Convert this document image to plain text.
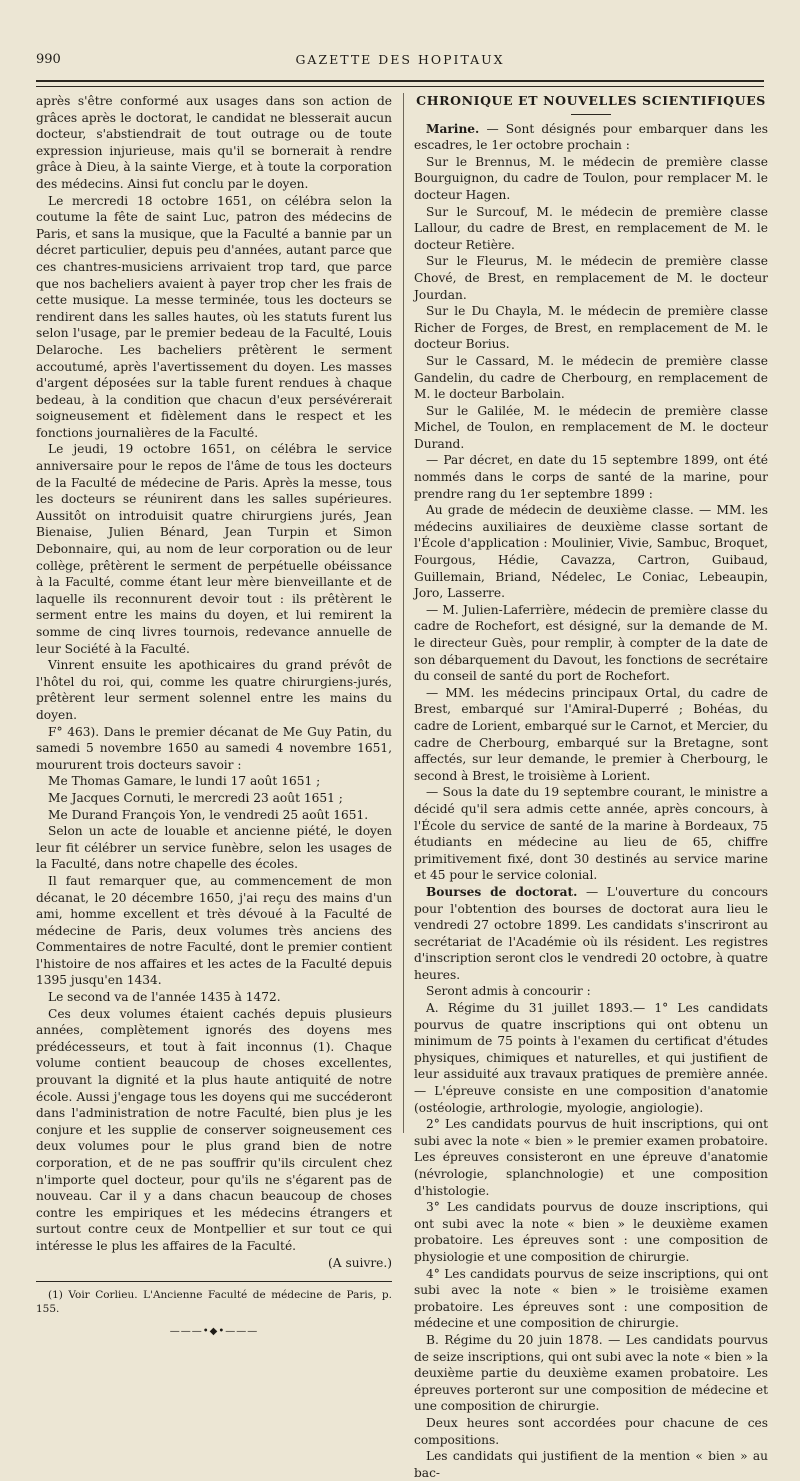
990	GAZETTE DES HOPITAUX

après s'être conformé aux usages dans son action de grâces après le doctorat, le candidat ne blesserait aucun docteur, s'abstiendrait de tout outrage ou de toute expression injurieuse, mais qu'il se bornerait à rendre grâce à Dieu, à la sainte Vierge, et à toute la corporation des médecins. Ainsi fut conclu par le doyen.

Le mercredi 18 octobre 1651, on célébra selon la coutume la fête de saint Luc, patron des médecins de Paris, et sans la musique, que la Faculté a bannie par un décret particulier, depuis peu d'années, autant parce que ces chantres-musiciens arrivaient trop tard, que parce que nos bacheliers avaient à payer trop cher les frais de cette musique. La messe terminée, tous les docteurs se rendirent dans les salles hautes, où les statuts furent lus selon l'usage, par le premier bedeau de la Faculté, Louis Delaroche. Les bacheliers prêtèrent le serment accoutumé, après l'avertissement du doyen. Les masses d'argent déposées sur la table furent rendues à chaque bedeau, à la condition que chacun d'eux persévérerait soigneusement et fidèlement dans le respect et les fonctions journalières de la Faculté.

Le jeudi, 19 octobre 1651, on célébra le service anniversaire pour le repos de l'âme de tous les docteurs de la Faculté de médecine de Paris. Après la messe, tous les docteurs se réunirent dans les salles supérieures. Aussitôt on introduisit quatre chirurgiens jurés, Jean Bienaise, Julien Bénard, Jean Turpin et Simon Debonnaire, qui, au nom de leur corporation ou de leur collège, prêtèrent le serment de perpétuelle obéissance à la Faculté, comme étant leur mère bienveillante et de laquelle ils reconnurent devoir tout : ils prêtèrent le serment entre les mains du doyen, et lui remirent la somme de cinq livres tournois, redevance annuelle de leur Société à la Faculté.

Vinrent ensuite les apothicaires du grand prévôt de l'hôtel du roi, qui, comme les quatre chirurgiens-jurés, prêtèrent leur serment solennel entre les mains du doyen.

F° 463). Dans le premier décanat de Me Guy Patin, du samedi 5 novembre 1650 au samedi 4 novembre 1651, moururent trois docteurs savoir :

Me Thomas Gamare, le lundi 17 août 1651 ;

Me Jacques Cornuti, le mercredi 23 août 1651 ;

Me Durand François Yon, le vendredi 25 août 1651.

Selon un acte de louable et ancienne piété, le doyen leur fit célébrer un service funèbre, selon les usages de la Faculté, dans notre chapelle des écoles.

Il faut remarquer que, au commencement de mon décanat, le 20 décembre 1650, j'ai reçu des mains d'un ami, homme excellent et très dévoué à la Faculté de médecine de Paris, deux volumes très anciens des Commentaires de notre Faculté, dont le premier contient l'histoire de nos affaires et les actes de la Faculté depuis 1395 jusqu'en 1434.

Le second va de l'année 1435 à 1472.

Ces deux volumes étaient cachés depuis plusieurs années, complètement ignorés des doyens mes prédécesseurs, et tout à fait inconnus (1). Chaque volume contient beaucoup de choses excellentes, prouvant la dignité et la plus haute antiquité de notre école. Aussi j'engage tous les doyens qui me succéderont dans l'administration de notre Faculté, bien plus je les conjure et les supplie de conserver soigneusement ces deux volumes pour le plus grand bien de notre corporation, et de ne pas souffrir qu'ils circulent chez n'importe quel docteur, pour qu'ils ne s'égarent pas de nouveau. Car il y a dans chacun beaucoup de choses contre les empiriques et les médecins étrangers et surtout contre ceux de Montpellier et sur tout ce qui intéresse le plus les affaires de la Faculté.

(A suivre.)

(1) Voir Corlieu. L'Ancienne Faculté de médecine de Paris, p. 155.

———•◆•———
CHRONIQUE ET NOUVELLES SCIENTIFIQUES

Marine. — Sont désignés pour embarquer dans les escadres, le 1er octobre prochain :

Sur le Brennus, M. le médecin de première classe Bourguignon, du cadre de Toulon, pour remplacer M. le docteur Hagen.

Sur le Surcouf, M. le médecin de première classe Lallour, du cadre de Brest, en remplacement de M. le docteur Retière.

Sur le Fleurus, M. le médecin de première classe Chové, de Brest, en remplacement de M. le docteur Jourdan.

Sur le Du Chayla, M. le médecin de première classe Richer de Forges, de Brest, en remplacement de M. le docteur Borius.

Sur le Cassard, M. le médecin de première classe Gandelin, du cadre de Cherbourg, en remplacement de M. le docteur Barbolain.

Sur le Galilée, M. le médecin de première classe Michel, de Toulon, en remplacement de M. le docteur Durand.

— Par décret, en date du 15 septembre 1899, ont été nommés dans le corps de santé de la marine, pour prendre rang du 1er septembre 1899 :

Au grade de médecin de deuxième classe. — MM. les médecins auxiliaires de deuxième classe sortant de l'École d'application : Moulinier, Vivie, Sambuc, Broquet, Fourgous, Hédie, Cavazza, Cartron, Guibaud, Guillemain, Briand, Nédelec, Le Coniac, Lebeaupin, Joro, Lasserre.

— M. Julien-Laferrière, médecin de première classe du cadre de Rochefort, est désigné, sur la demande de M. le directeur Guès, pour remplir, à compter de la date de son débarquement du Davout, les fonctions de secrétaire du conseil de santé du port de Rochefort.

— MM. les médecins principaux Ortal, du cadre de Brest, embarqué sur l'Amiral-Duperré ; Bohéas, du cadre de Lorient, embarqué sur le Carnot, et Mercier, du cadre de Cherbourg, embarqué sur la Bretagne, sont affectés, sur leur demande, le premier à Cherbourg, le second à Brest, le troisième à Lorient.

— Sous la date du 19 septembre courant, le ministre a décidé qu'il sera admis cette année, après concours, à l'École du service de santé de la marine à Bordeaux, 75 étudiants en médecine au lieu de 65, chiffre primitivement fixé, dont 30 destinés au service marine et 45 pour le service colonial.

Bourses de doctorat. — L'ouverture du concours pour l'obtention des bourses de doctorat aura lieu le vendredi 27 octobre 1899. Les candidats s'inscriront au secrétariat de l'Académie où ils résident. Les registres d'inscription seront clos le vendredi 20 octobre, à quatre heures.

Seront admis à concourir :

A. Régime du 31 juillet 1893.— 1° Les candidats pourvus de quatre inscriptions qui ont obtenu un minimum de 75 points à l'examen du certificat d'études physiques, chimiques et naturelles, et qui justifient de leur assiduité aux travaux pratiques de première année. — L'épreuve consiste en une composition d'anatomie (ostéologie, arthrologie, myologie, angiologie).

2° Les candidats pourvus de huit inscriptions, qui ont subi avec la note « bien » le premier examen probatoire. Les épreuves consisteront en une épreuve d'anatomie (névrologie, splanchnologie) et une composition d'histologie.

3° Les candidats pourvus de douze inscriptions, qui ont subi avec la note « bien » le deuxième examen probatoire. Les épreuves sont : une composition de physiologie et une composition de chirurgie.

4° Les candidats pourvus de seize inscriptions, qui ont subi avec la note « bien » le troisième examen probatoire. Les épreuves sont : une composition de médecine et une composition de chirurgie.

B. Régime du 20 juin 1878. — Les candidats pourvus de seize inscriptions, qui ont subi avec la note « bien » la deuxième partie du deuxième examen probatoire. Les épreuves porteront sur une composition de médecine et une composition de chirurgie.

Deux heures sont accordées pour chacune de ces compositions.

Les candidats qui justifient de la mention « bien » au bac-
